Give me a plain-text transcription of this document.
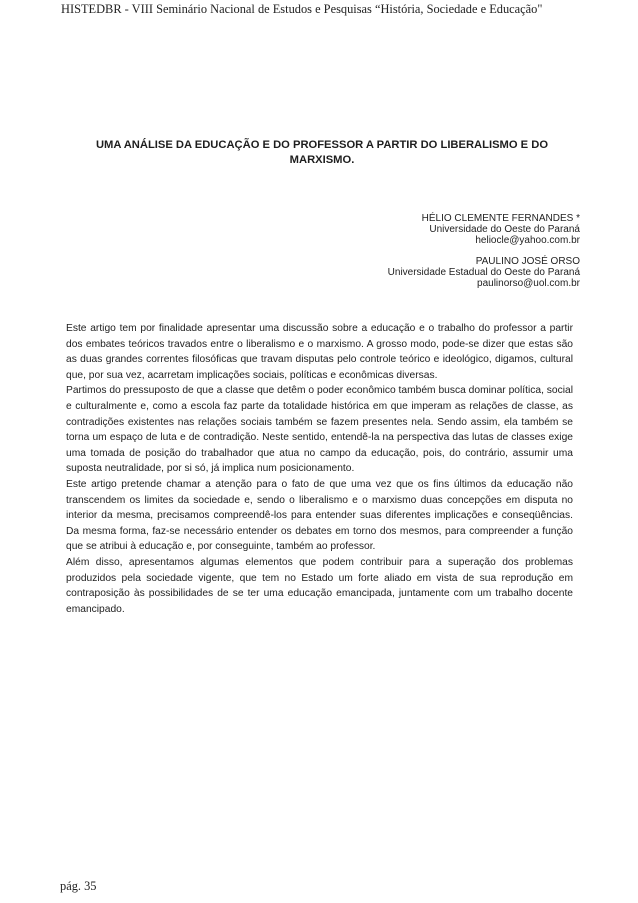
HISTEDBR - VIII Seminário Nacional de Estudos e Pesquisas “História, Sociedade e Educação"
UMA ANÁLISE DA EDUCAÇÃO E DO PROFESSOR A PARTIR DO LIBERALISMO E DO MARXISMO.
HÉLIO CLEMENTE FERNANDES *
Universidade do Oeste do Paraná
heliocle@yahoo.com.br
PAULINO JOSÉ ORSO
Universidade Estadual do Oeste do Paraná
paulinorso@uol.com.br

Este artigo tem por finalidade apresentar uma discussão sobre a educação e o trabalho do professor a partir dos embates teóricos travados entre o liberalismo e o marxismo. A grosso modo, pode-se dizer que estas são as duas grandes correntes filosóficas que travam disputas pelo controle teórico e ideológico, digamos, cultural que, por sua vez, acarretam implicações sociais, políticas e econômicas diversas.

Partimos do pressuposto de que a classe que detêm o poder econômico também busca dominar política, social e culturalmente e, como a escola faz parte da totalidade histórica em que imperam as relações de classe, as contradições existentes nas relações sociais também se fazem presentes nela. Sendo assim, ela também se torna um espaço de luta e de contradição. Neste sentido, entendê-la na perspectiva das lutas de classes exige uma tomada de posição do trabalhador que atua no campo da educação, pois, do contrário, assumir uma suposta neutralidade, por si só, já implica num posicionamento.

Este artigo pretende chamar a atenção para o fato de que uma vez que os fins últimos da educação não transcendem os limites da sociedade e, sendo o liberalismo e o marxismo duas concepções em disputa no interior da mesma, precisamos compreendê-los para entender suas diferentes implicações e conseqüências. Da mesma forma, faz-se necessário entender os debates em torno dos mesmos, para compreender a função que se atribui à educação e, por conseguinte, também ao professor.

Além disso, apresentamos algumas elementos que podem contribuir para a superação dos problemas produzidos pela sociedade vigente, que tem no Estado um forte aliado em vista de sua reprodução em contraposição às possibilidades de se ter uma educação emancipada, juntamente com um trabalho docente emancipado.

pág. 35
